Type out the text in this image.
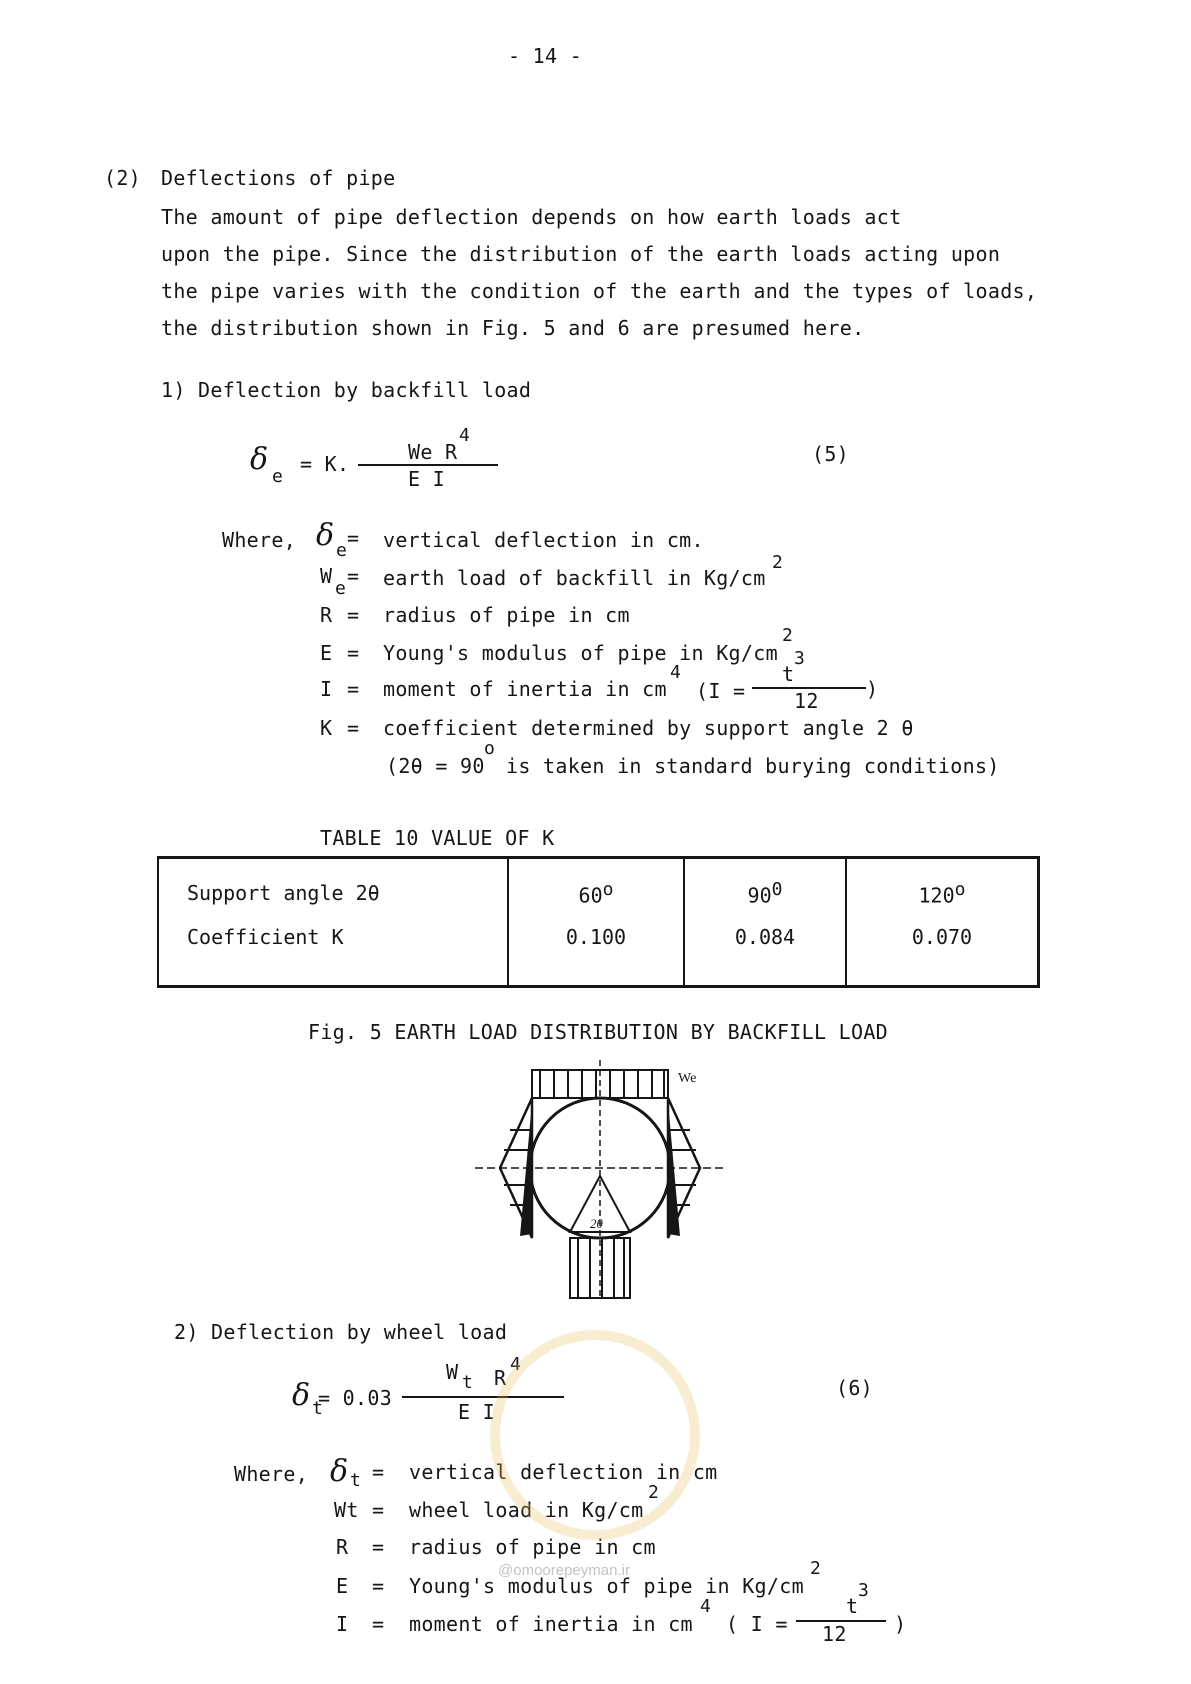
- 14 -
(2) Deflections of pipe
The amount of pipe deflection depends on how earth loads act
upon the pipe. Since the distribution of the earth loads acting upon
the pipe varies with the condition of the earth and the types of loads,
the distribution shown in Fig. 5 and 6 are presumed here.
1) Deflection by backfill load
δ e
= K.	We R
4
E I
(5)
Where, δ e
= vertical deflection in cm.
W
e
= earth load of backfill in Kg/cm
2
R = radius of pipe in cm
E = Young's modulus of pipe in Kg/cm
2
I = moment of inertia in cm
4
(I =
t
3
12 )
K = coefficient determined by support angle 2 θ
(2θ = 90
o
is taken in standard burying conditions)
TABLE 10 VALUE OF K
Support angle 2θ	60$^o$	$90^0$	120$^o$
Coefficient K	0.100	0.084	0.070
Fig. 5 EARTH LOAD DISTRIBUTION BY BACKFILL LOAD
We
2θ
2) Deflection by wheel load
δ t
= 0.03
W t R
4
E I
(6)
Where, δ t = vertical deflection in cm
Wt = wheel load in Kg/cm
2
R = radius of pipe in cm
E = Young's modulus of pipe in Kg/cm
2
I = moment of inertia in cm
4
( I =
t
3
12 )
@omoorepeyman.ir
